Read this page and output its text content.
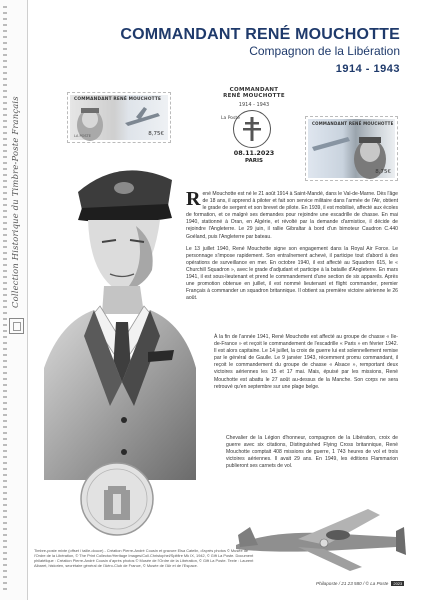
Collection Historique du Timbre-Poste Français
COMMANDANT RENÉ MOUCHOTTE
Compagnon de la Libération
1914 - 1943
COMMANDANT RENÉ MOUCHOTTE
LA POSTE	8,75€
COMMANDANT
RENÉ MOUCHOTTE
1914 - 1943
La Poste
08.11.2023
PARIS
COMMANDANT RENÉ MOUCHOTTE
8,75€

René Mouchotte est né le 21 août 1914 à Saint-Mandé, dans le Val-de-Marne. Dès l'âge de 18 ans, il apprend à piloter et fait son service militaire dans l'armée de l'Air, obtient le grade de sergent et son brevet de pilote. En 1939, il est mobilisé, affecté aux écoles de formation, et ce malgré ses demandes pour rejoindre une escadrille de chasse. En mai 1940, stationné à Oran, en Algérie, et révolté par la demande d'armistice, il décide de rejoindre l'Angleterre. Le 29 juin, il rallie Gibraltar à bord d'un bimoteur Caudron C.440 Goéland, puis l'Angleterre par bateau.

Le 13 juillet 1940, René Mouchotte signe son engagement dans la Royal Air Force. Le personnage s'impose rapidement. Son entraînement achevé, il participe tout d'abord à des opérations de surveillance en mer. En octobre 1940, il est affecté au Squadron 615, le « Churchill Squadron », avec le grade d'adjudant et participe à la bataille d'Angleterre. En mars 1941, il est sous-lieutenant et prend le commandement d'une section de six appareils. Après une promotion obtenue en juillet, il est nommé lieutenant et flight commander, premier Français à commander un squadron britannique. Il obtient sa première victoire aérienne le 26 août.

À la fin de l'année 1941, René Mouchotte est affecté au groupe de chasse « Ile-de-France » et reçoit le commandement de l'escadrille « Paris » en février 1942. Il est alors capitaine. Le 14 juillet, la croix de guerre lui est solennellement remise par le général de Gaulle. Le 9 janvier 1943, récemment promu commandant, il reçoit le commandement du groupe de chasse « Alsace », remportant deux victoires aériennes les 15 et 17 mai. Mais, épuisé par les missions, René Mouchotte est abattu le 27 août au-dessus de la Manche. Son corps ne sera retrouvé qu'en septembre sur une plage belge.
Chevalier de la Légion d'honneur, compagnon de la Libération, croix de guerre avec six citations, Distinguished Flying Cross britannique, René Mouchotte comptait 408 missions de guerre, 1 743 heures de vol et trois victoires aériennes. Il avait 29 ans. En 1949, les éditions Flammarion publieront ses carnets de vol.
Timbre-poste mixte (offset / taille-douce) - Création Pierre-André Cousin et gravure Elsa Catelin, d'après photos © Musée de l'Ordre de la Libération, © The Print Collector/Heritage Images/Coll.Christophel/Spitfire Mk IX, 1942, © Gift La Poste. Document philatélique : Création Pierre-André Cousin d'après photos © Musée de l'Ordre de la Libération, © Gift La Poste. Texte : Laurent Albaret, historien, secrétaire général de l'Aéro-Club de France, © Musée de l'Air et de l'Espace.
Philapostе / 21 23 580 / © La Poste 2023
